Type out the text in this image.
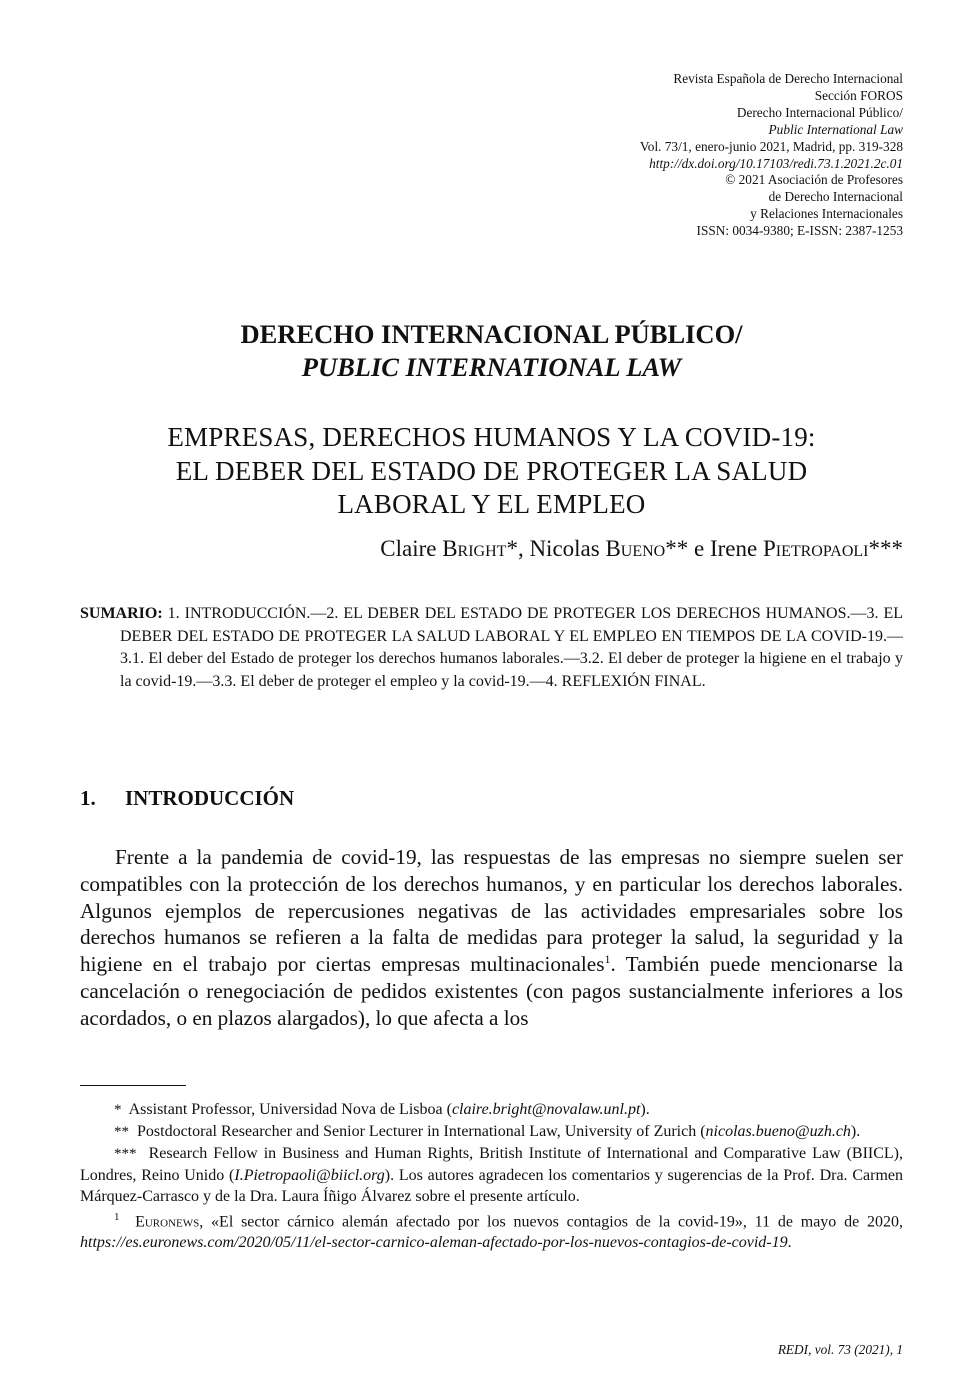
Revista Española de Derecho Internacional
Sección FOROS
Derecho Internacional Público/
Public International Law
Vol. 73/1, enero-junio 2021, Madrid, pp. 319-328
http://dx.doi.org/10.17103/redi.73.1.2021.2c.01
© 2021 Asociación de Profesores
de Derecho Internacional
y Relaciones Internacionales
ISSN: 0034-9380; E-ISSN: 2387-1253
DERECHO INTERNACIONAL PÚBLICO/
PUBLIC INTERNATIONAL LAW
EMPRESAS, DERECHOS HUMANOS Y LA COVID-19:
EL DEBER DEL ESTADO DE PROTEGER LA SALUD
LABORAL Y EL EMPLEO
Claire Bright*, Nicolas Bueno** e Irene Pietropaoli***
SUMARIO: 1. INTRODUCCIÓN.—2. EL DEBER DEL ESTADO DE PROTEGER LOS DERECHOS HUMANOS.—3. EL DEBER DEL ESTADO DE PROTEGER LA SALUD LABORAL Y EL EMPLEO EN TIEMPOS DE LA COVID-19.—3.1. El deber del Estado de proteger los derechos humanos laborales.—3.2. El deber de proteger la higiene en el trabajo y la covid-19.—3.3. El deber de proteger el empleo y la covid-19.—4. REFLEXIÓN FINAL.
1. INTRODUCCIÓN

Frente a la pandemia de covid-19, las respuestas de las empresas no siempre suelen ser compatibles con la protección de los derechos humanos, y en particular los derechos laborales. Algunos ejemplos de repercusiones negativas de las actividades empresariales sobre los derechos humanos se refieren a la falta de medidas para proteger la salud, la seguridad y la higiene en el trabajo por ciertas empresas multinacionales$^1$. También puede mencionarse la cancelación o renegociación de pedidos existentes (con pagos sustancialmente inferiores a los acordados, o en plazos alargados), lo que afecta a los

* Assistant Professor, Universidad Nova de Lisboa (claire.bright@novalaw.unl.pt).

** Postdoctoral Researcher and Senior Lecturer in International Law, University of Zurich (nicolas.bueno@uzh.ch).

*** Research Fellow in Business and Human Rights, British Institute of International and Comparative Law (BIICL), Londres, Reino Unido (I.Pietropaoli@biicl.org). Los autores agradecen los comentarios y sugerencias de la Prof. Dra. Carmen Márquez-Carrasco y de la Dra. Laura Íñigo Álvarez sobre el presente artículo.

$^1$ Euronews, «El sector cárnico alemán afectado por los nuevos contagios de la covid-19», 11 de mayo de 2020, https://es.euronews.com/2020/05/11/el-sector-carnico-aleman-afectado-por-los-nuevos-contagios-de-covid-19.

REDI, vol. 73 (2021), 1
